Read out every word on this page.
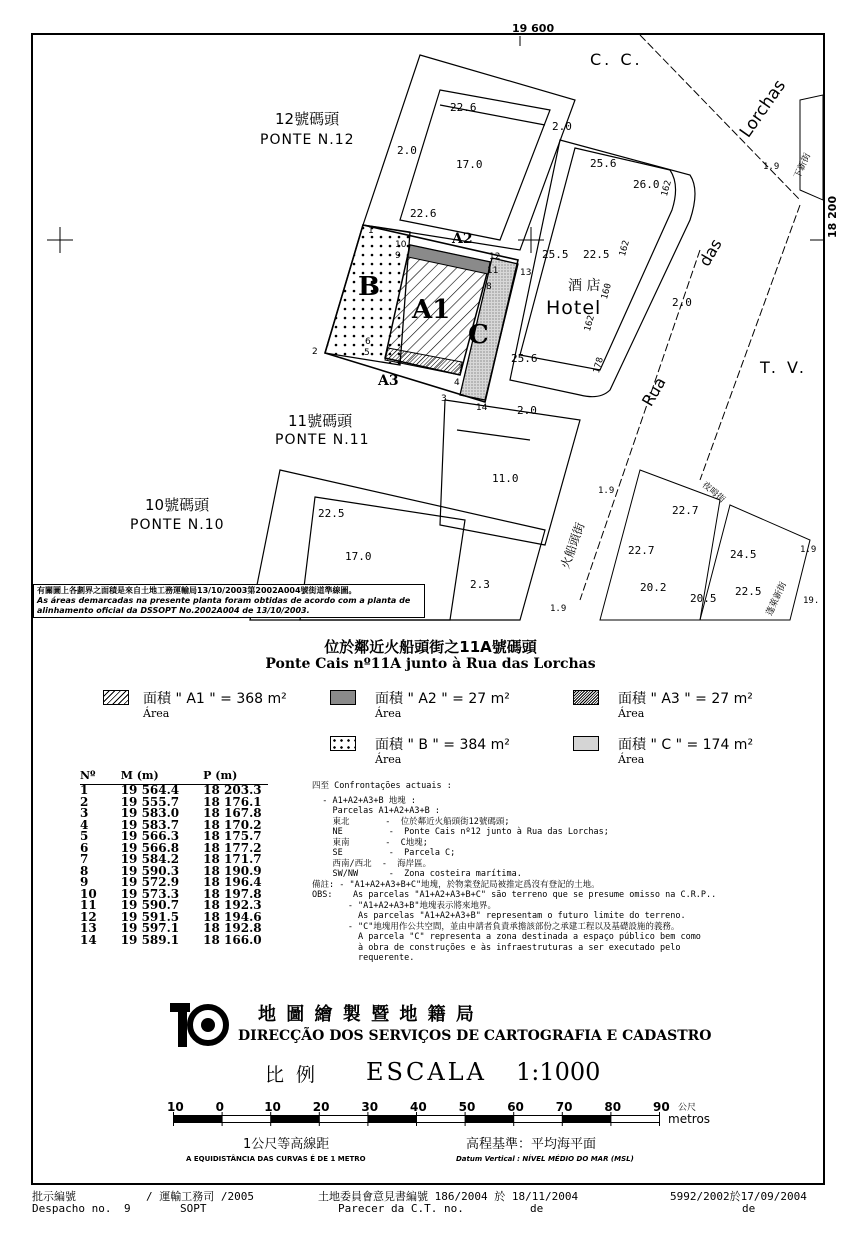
19 600
18 200
C. C.
Lorchas
das
Rua
T. V.
12號碼頭
PONTE N.12
11號碼頭
PONTE N.11
10號碼頭
PONTE N.10
酒 店
Hotel
火船頭街
夜呣街
下新街
蓬萊新街
B
A1
A2
A3
C
22.6
2.0
17.0
2.0
22.6
25.6
26.0
1.9
25.5 22.5
2.0
25.6
2.0
11.0
1.9
22.7
22.5
17.0	22.7	24.5
20.2
20.5
22.5
2.3
1.9
1.9
19.
162
162
160
162
178
1
2
3
4
5
6
7
8
9
10
11
12
13
14
有關圖上各劃界之面積是來自土地工務運輸局13/10/2003第2002A004號街道準線圖。
As áreas demarcadas na presente planta foram obtidas de acordo com a planta de alinhamento oficial da DSSOPT No.2002A004 de 13/10/2003.
位於鄰近火船頭街之11A號碼頭
Ponte Cais nº11A junto à Rua das Lorchas
面積 " A1 " = 368 m²
Área
面積 " A2 " = 27 m²
Área
面積 " A3 " = 27 m²
Área
面積 " B " = 384 m²
Área
面積 " C " = 174 m²
Área
Nº	M (m)	P (m)
1	19 564.4	18 203.3
2	19 555.7	18 176.1
3	19 583.0	18 167.8
4	19 583.7	18 170.2
5	19 566.3	18 175.7
6	19 566.8	18 177.2
7	19 584.2	18 171.7
8	19 590.3	18 190.9
9	19 572.9	18 196.4
10	19 573.3	18 197.8
11	19 590.7	18 192.3
12	19 591.5	18 194.6
13	19 597.1	18 192.8
14	19 589.1	18 166.0
四至 Confrontações actuais :
- A1+A2+A3+B 地塊 :
Parcelas A1+A2+A3+B :
東北       -  位於鄰近火船頭街12號碼頭;
NE         -  Ponte Cais nº12 junto à Rua das Lorchas;
東南       -  C地塊;
SE         -  Parcela C;
西南/西北  -  海岸區。
SW/NW      -  Zona costeira marítima.
備註: - "A1+A2+A3+B+C"地塊，於物業登記局被推定爲沒有登記的土地。
OBS:    As parcelas "A1+A2+A3+B+C" são terreno que se presume omisso na C.R.P..
- "A1+A2+A3+B"地塊表示將來地界。
As parcelas "A1+A2+A3+B" representam o futuro limite do terreno.
- "C"地塊用作公共空間，並由申請者負責承擔該部份之承建工程以及基礎設施的義務。
A parcela "C" representa a zona destinada a espaço público bem como
à obra de construções e às infraestruturas a ser executado pelo
requerente.
地 圖 繪 製 暨 地 籍 局
DIRECÇÃO DOS SERVIÇOS DE CARTOGRAFIA E CADASTRO
比 例 ESCALA 1:1000
10	0	10	20	30	40	50	60	70	80	90 公尺
metros
1公尺等高線距
A EQUIDISTÂNCIA DAS CURVAS É DE 1 METRO
高程基準：平均海平面
Datum Vertical : NÍVEL MÉDIO DO MAR (MSL)
批示編號
Despacho no. 9
/ 運輸工務司 /2005
SOPT
土地委員會意見書編號 186/2004 於 18/11/2004
Parecer da C.T. no.	de
5992/2002於17/09/2004
de
